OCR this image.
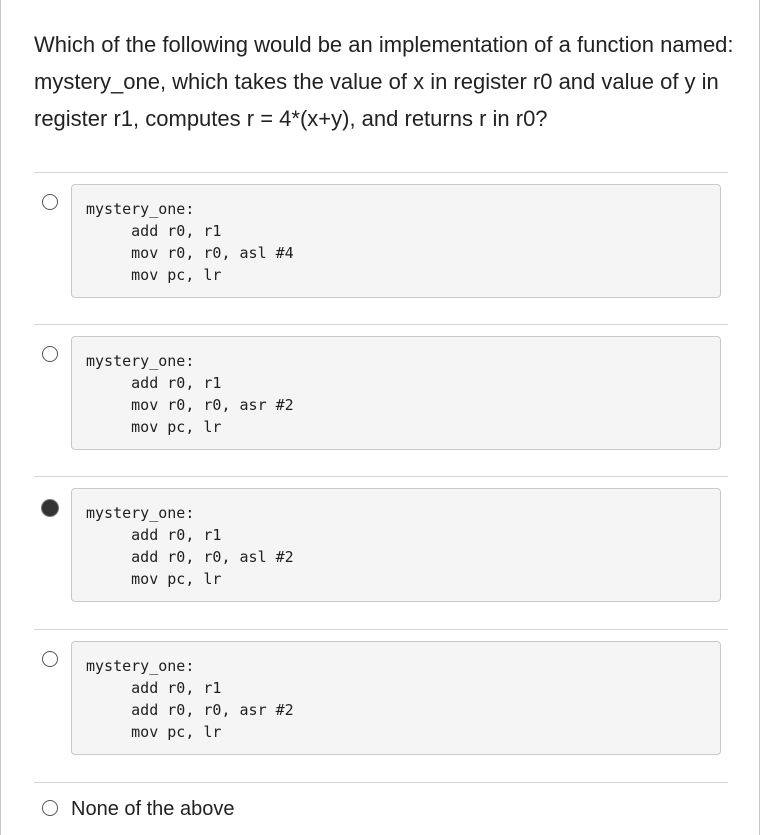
Which of the following would be an implementation of a function named: mystery_one, which takes the value of x in register r0 and value of y in register r1, computes r = 4*(x+y), and returns r in r0?

mystery_one:
add r0, r1
mov r0, r0, asl #4
mov pc, lr
mystery_one:
add r0, r1
mov r0, r0, asr #2
mov pc, lr
mystery_one:
add r0, r1
add r0, r0, asl #2
mov pc, lr
mystery_one:
add r0, r1
add r0, r0, asr #2
mov pc, lr
None of the above
